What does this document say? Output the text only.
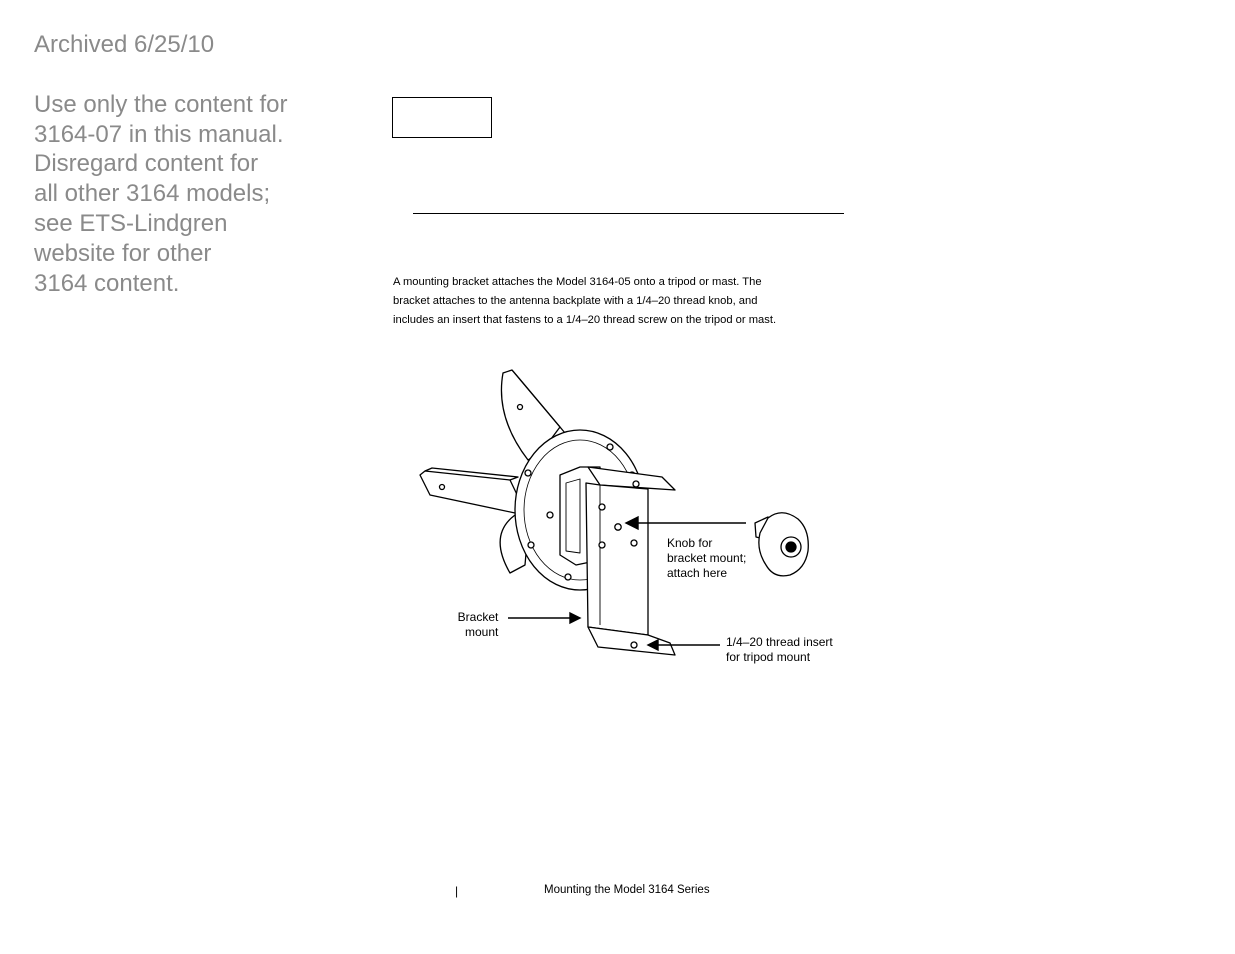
Archived 6/25/10
Use only the content for
3164-07 in this manual.
Disregard content for
all other 3164 models;
see ETS-Lindgren
website for other
3164 content.	A mounting bracket attaches the Model 3164-05 onto a tripod or mast. The
bracket attaches to the antenna backplate with a 1/4–20 thread knob, and
includes an insert that fastens to a 1/4–20 thread screw on the tripod or mast.
Knob for
bracket mount;
attach here
Bracket
mount
1/4–20 thread insert
for tripod mount
|	Mounting the Model 3164 Series
